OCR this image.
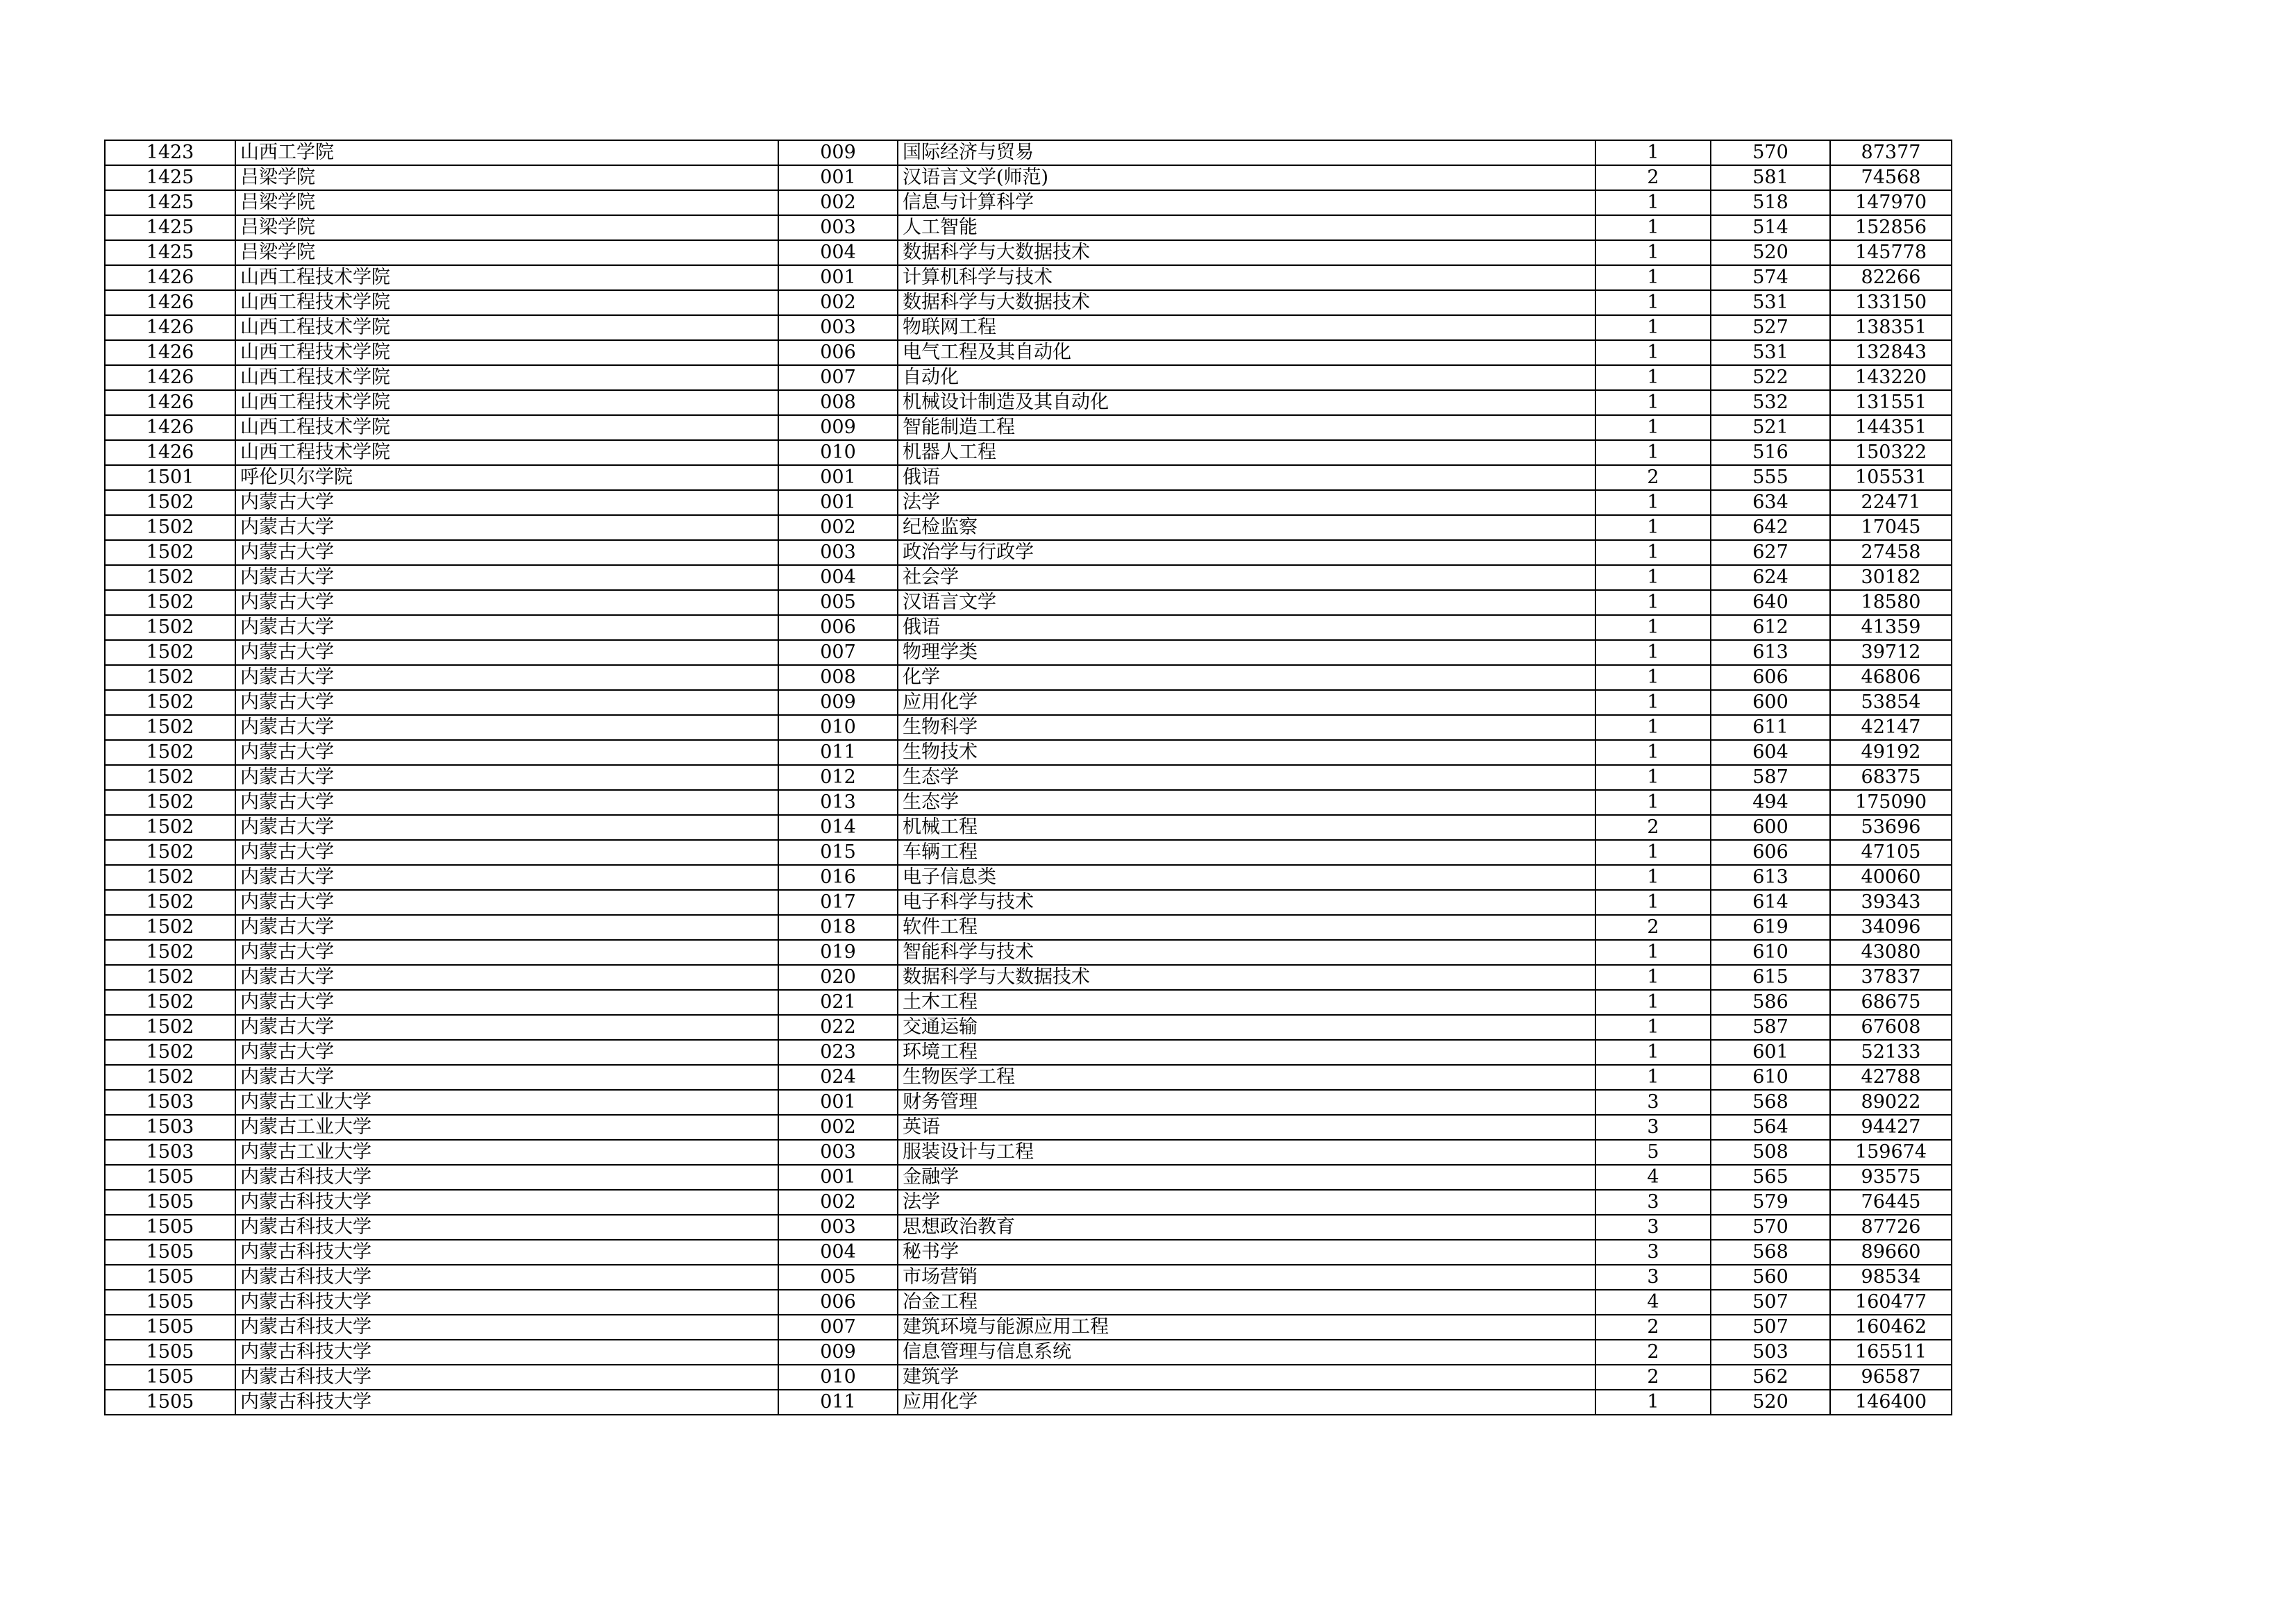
1423	山西工学院	009	国际经济与贸易	1	570	87377
1425	吕梁学院	001	汉语言文学(师范)	2	581	74568
1425	吕梁学院	002	信息与计算科学	1	518	147970
1425	吕梁学院	003	人工智能	1	514	152856
1425	吕梁学院	004	数据科学与大数据技术	1	520	145778
1426	山西工程技术学院	001	计算机科学与技术	1	574	82266
1426	山西工程技术学院	002	数据科学与大数据技术	1	531	133150
1426	山西工程技术学院	003	物联网工程	1	527	138351
1426	山西工程技术学院	006	电气工程及其自动化	1	531	132843
1426	山西工程技术学院	007	自动化	1	522	143220
1426	山西工程技术学院	008	机械设计制造及其自动化	1	532	131551
1426	山西工程技术学院	009	智能制造工程	1	521	144351
1426	山西工程技术学院	010	机器人工程	1	516	150322
1501	呼伦贝尔学院	001	俄语	2	555	105531
1502	内蒙古大学	001	法学	1	634	22471
1502	内蒙古大学	002	纪检监察	1	642	17045
1502	内蒙古大学	003	政治学与行政学	1	627	27458
1502	内蒙古大学	004	社会学	1	624	30182
1502	内蒙古大学	005	汉语言文学	1	640	18580
1502	内蒙古大学	006	俄语	1	612	41359
1502	内蒙古大学	007	物理学类	1	613	39712
1502	内蒙古大学	008	化学	1	606	46806
1502	内蒙古大学	009	应用化学	1	600	53854
1502	内蒙古大学	010	生物科学	1	611	42147
1502	内蒙古大学	011	生物技术	1	604	49192
1502	内蒙古大学	012	生态学	1	587	68375
1502	内蒙古大学	013	生态学	1	494	175090
1502	内蒙古大学	014	机械工程	2	600	53696
1502	内蒙古大学	015	车辆工程	1	606	47105
1502	内蒙古大学	016	电子信息类	1	613	40060
1502	内蒙古大学	017	电子科学与技术	1	614	39343
1502	内蒙古大学	018	软件工程	2	619	34096
1502	内蒙古大学	019	智能科学与技术	1	610	43080
1502	内蒙古大学	020	数据科学与大数据技术	1	615	37837
1502	内蒙古大学	021	土木工程	1	586	68675
1502	内蒙古大学	022	交通运输	1	587	67608
1502	内蒙古大学	023	环境工程	1	601	52133
1502	内蒙古大学	024	生物医学工程	1	610	42788
1503	内蒙古工业大学	001	财务管理	3	568	89022
1503	内蒙古工业大学	002	英语	3	564	94427
1503	内蒙古工业大学	003	服装设计与工程	5	508	159674
1505	内蒙古科技大学	001	金融学	4	565	93575
1505	内蒙古科技大学	002	法学	3	579	76445
1505	内蒙古科技大学	003	思想政治教育	3	570	87726
1505	内蒙古科技大学	004	秘书学	3	568	89660
1505	内蒙古科技大学	005	市场营销	3	560	98534
1505	内蒙古科技大学	006	冶金工程	4	507	160477
1505	内蒙古科技大学	007	建筑环境与能源应用工程	2	507	160462
1505	内蒙古科技大学	009	信息管理与信息系统	2	503	165511
1505	内蒙古科技大学	010	建筑学	2	562	96587
1505	内蒙古科技大学	011	应用化学	1	520	146400
